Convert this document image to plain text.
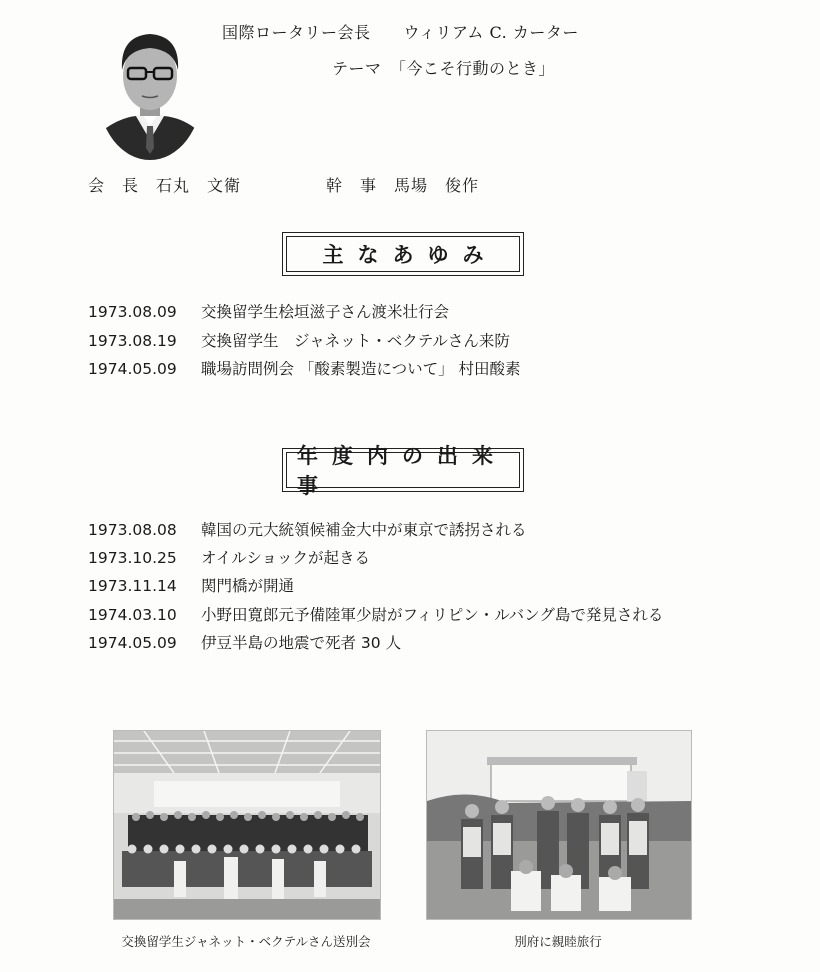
国際ロータリー会長　　ウィリアム C. カーター
テーマ　「今こそ行動のとき」
会　長　石丸　文衛　　　　　幹　事　馬場　俊作
主なあゆみ
1973.08.09 交換留学生桧垣滋子さん渡米壮行会
1973.08.19 交換留学生　ジャネット・ベクテルさん来防
1974.05.09 職場訪問例会 「酸素製造について」 村田酸素
年度内の出来事
1973.08.08 韓国の元大統領候補金大中が東京で誘拐される
1973.10.25 オイルショックが起きる
1973.11.14 関門橋が開通
1974.03.10 小野田寛郎元予備陸軍少尉がフィリピン・ルバング島で発見される
1974.05.09 伊豆半島の地震で死者 30 人
交換留学生ジャネット・ベクテルさん送別会	別府に親睦旅行
